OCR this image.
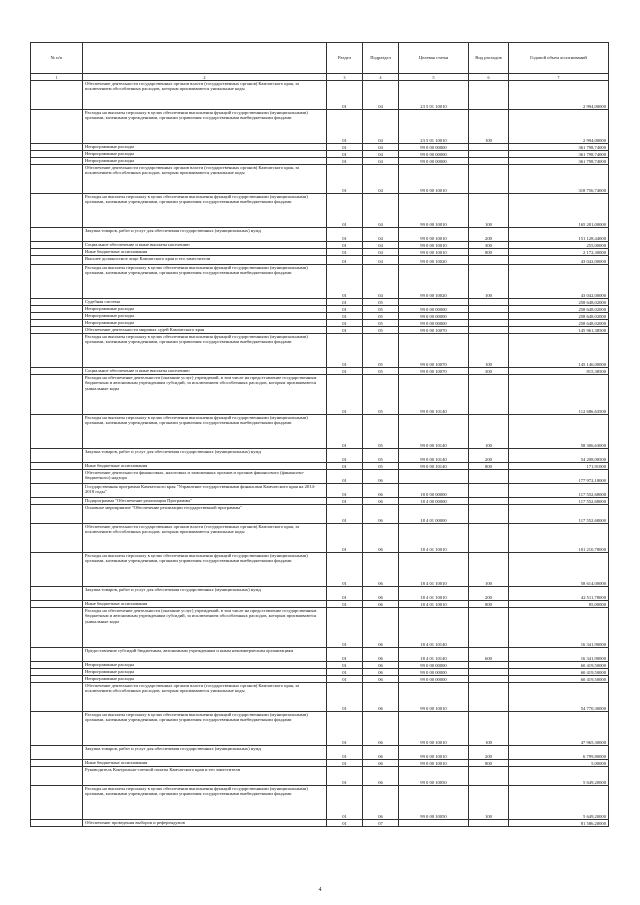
№ п/п		Раздел	Подраздел	Целевая статья	Вид расходов	Годовой объем ассигнований
1	2	3	4	5	6	7
	Обеспечение деятельности государственных органов власти (государственных органов) Камчатского края, за исключением обособленных расходов, которым присваиваются уникальные коды	01	04	23 5 01 10010		2 994,00000
	Расходы на выплаты персоналу в целях обеспечения выполнения функций государственными (муниципальными) органами, казенными учреждениями, органами управления государственными внебюджетными фондами	01	04	23 5 01 10010	100	2 994,00000
	Непрограммные расходы	01	04	99 0 00 00000		361 798,74000
	Непрограммные расходы	01	04	99 0 00 00000		361 798,74000
	Непрограммные расходы	01	04	99 0 00 00000		361 798,74000
	Обеспечение деятельности государственных органов власти (государственных органов) Камчатского края, за исключением обособленных расходов, которым присваиваются уникальные коды	01	04	99 0 00 10010		318 756,74000
	Расходы на выплаты персоналу в целях обеспечения выполнения функций государственными (муниципальными) органами, казенными учреждениями, органами управления государственными внебюджетными фондами	01	04	99 0 00 10010	100	165 201,00000
	Закупка товаров, работ и услуг для обеспечения государственных (муниципальных) нужд	01	04	99 0 00 10010	200	151 128,44000
	Социальное обеспечение и иные выплаты населению	01	04	99 0 00 10010	300	255,00000
	Иные бюджетные ассигнования	01	04	99 0 00 10010	800	2 172,30000
	Высшее должностное лицо Камчатского края и его заместители	01	04	99 0 00 10020		43 042,00000
	Расходы на выплаты персоналу в целях обеспечения выполнения функций государственными (муниципальными) органами, казенными учреждениями, органами управления государственными внебюджетными фондами	01	04	99 0 00 10020	100	43 042,00000
	Судебная система	01	05			258 648,02000
	Непрограммные расходы	01	05	99 0 00 00000		258 648,02000
	Непрограммные расходы	01	05	99 0 00 00000		258 648,02000
	Непрограммные расходы	01	05	99 0 00 00000		258 648,02000
	Обеспечение деятельности мировых судей Камчатского края	01	05	99 0 00 10070		145 961,38500
	Расходы на выплаты персоналу в целях обеспечения выполнения функций государственными (муниципальными) органами, казенными учреждениями, органами управления государственными внебюджетными фондами	01	05	99 0 00 10070	100	145 146,00000
	Социальное обеспечение и иные выплаты населению	01	05	99 0 00 10070	300	815,38500
	Расходы на обеспечение деятельности (оказание услуг) учреждений, в том числе на предоставление государственным бюджетным и автономным учреждениям субсидий, за исключением обособленных расходов, которым присваиваются уникальные коды	01	05	99 0 00 10140		112 686,63500
	Расходы на выплаты персоналу в целях обеспечения выполнения функций государственными (муниципальными) органами, казенными учреждениями, органами управления государственными внебюджетными фондами	01	05	99 0 00 10140	100	58 306,63000
	Закупка товаров, работ и услуг для обеспечения государственных (муниципальных) нужд	01	05	99 0 00 10140	200	54 208,08500
	Иные бюджетные ассигнования	01	05	99 0 00 10140	800	171,91000
	Обеспечение деятельности финансовых, налоговых и таможенных органов и органов финансового (финансово-бюджетного) надзора	01	06			177 972,18000
	Государственная программа Камчатского края "Управление государственными финансами Камчатского края на 2014-2018 годы"	01	06	18 0 00 00000		117 552,68000
	Подпрограмма "Обеспечение реализации Программы"	01	06	18 4 00 00000		117 552,68000
	Основное мероприятие "Обеспечение реализации государственной программы"	01	06	18 4 01 00000		117 552,68000
	Обеспечение деятельности государственных органов власти (государственных органов) Камчатского края, за исключением обособленных расходов, которым присваиваются уникальные коды	01	06	18 4 01 10010		101 210,78000
	Расходы на выплаты персоналу в целях обеспечения выполнения функций государственными (муниципальными) органами, казенными учреждениями, органами управления государственными внебюджетными фондами	01	06	18 4 01 10010	100	58 614,00000
	Закупка товаров, работ и услуг для обеспечения государственных (муниципальных) нужд	01	06	18 4 01 10010	200	42 511,78000
	Иные бюджетные ассигнования	01	06	18 4 01 10010	800	85,00000
	Расходы на обеспечение деятельности (оказание услуг) учреждений, в том числе на предоставление государственным бюджетным и автономным учреждениям субсидий, за исключением обособленных расходов, которым присваиваются уникальные коды	01	06	18 4 01 10140		16 341,90000
	Предоставление субсидий бюджетным, автономным учреждениям и иным некоммерческим организациям	01	06	18 4 01 10140	600	16 341,90000
	Непрограммные расходы	01	06	99 0 00 00000		60 419,50000
	Непрограммные расходы	01	06	99 0 00 00000		60 419,50000
	Непрограммные расходы	01	06	99 0 00 00000		60 419,50000
	Обеспечение деятельности государственных органов власти (государственных органов) Камчатского края, за исключением обособленных расходов, которым присваиваются уникальные коды	01	06	99 0 00 10010		54 770,30000
	Расходы на выплаты персоналу в целях обеспечения выполнения функций государственными (муниципальными) органами, казенными учреждениями, органами управления государственными внебюджетными фондами	01	06	99 0 00 10010	100	47 965,30000
	Закупка товаров, работ и услуг для обеспечения государственных (муниципальных) нужд	01	06	99 0 00 10010	200	6 799,80000
	Иные бюджетные ассигнования	01	06	99 0 00 10010	800	5,00000
	Руководитель Контрольно-счетной палаты Камчатского края и его заместители	01	06	99 0 00 10050		5 649,20000
	Расходы на выплаты персоналу в целях обеспечения выполнения функций государственными (муниципальными) органами, казенными учреждениями, органами управления государственными внебюджетными фондами	01	06	99 0 00 10050	100	5 649,20000
	Обеспечение проведения выборов и референдумов	01	07			81 586,20000
4
